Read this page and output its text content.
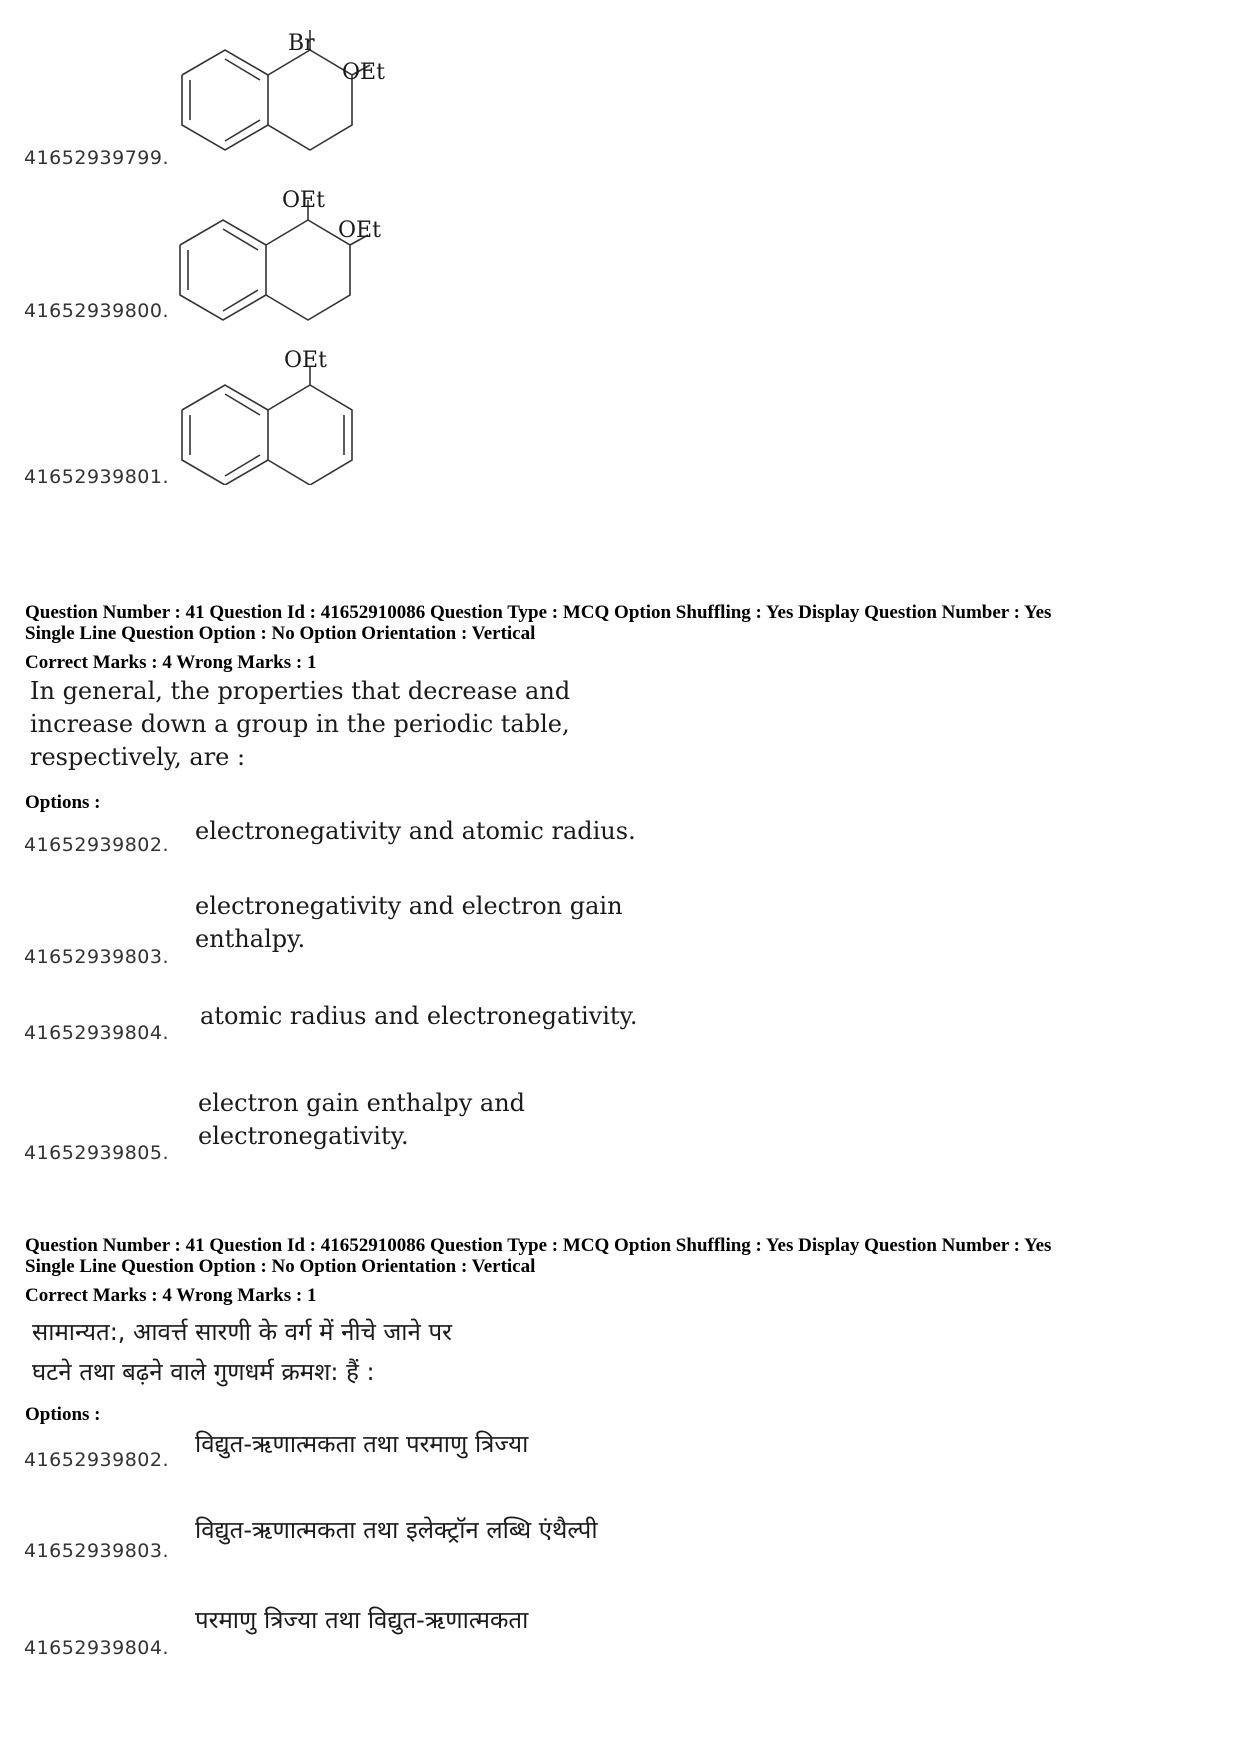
41652939799.
Br
OEt
41652939800.
OEt
OEt
41652939801.
OEt
Question Number : 41 Question Id : 41652910086 Question Type : MCQ Option Shuffling : Yes Display Question Number : Yes
Single Line Question Option : No Option Orientation : Vertical
Correct Marks : 4 Wrong Marks : 1
In general, the properties that decrease and
increase down a group in the periodic table,
respectively, are :
Options :
41652939802. electronegativity and atomic radius.
41652939803.
electronegativity and electron gain
enthalpy.
41652939804.
atomic radius and electronegativity.
41652939805.
electron gain enthalpy and
electronegativity.
Question Number : 41 Question Id : 41652910086 Question Type : MCQ Option Shuffling : Yes Display Question Number : Yes
Single Line Question Option : No Option Orientation : Vertical
Correct Marks : 4 Wrong Marks : 1
सामान्यत:, आवर्त्त सारणी के वर्ग में नीचे जाने पर
घटने तथा बढ़ने वाले गुणधर्म क्रमश: हैं :
Options :
41652939802.
विद्युत-ऋणात्मकता तथा परमाणु त्रिज्या
41652939803.
विद्युत-ऋणात्मकता तथा इलेक्ट्रॉन लब्धि एंथैल्पी
41652939804.
परमाणु त्रिज्या तथा विद्युत-ऋणात्मकता
